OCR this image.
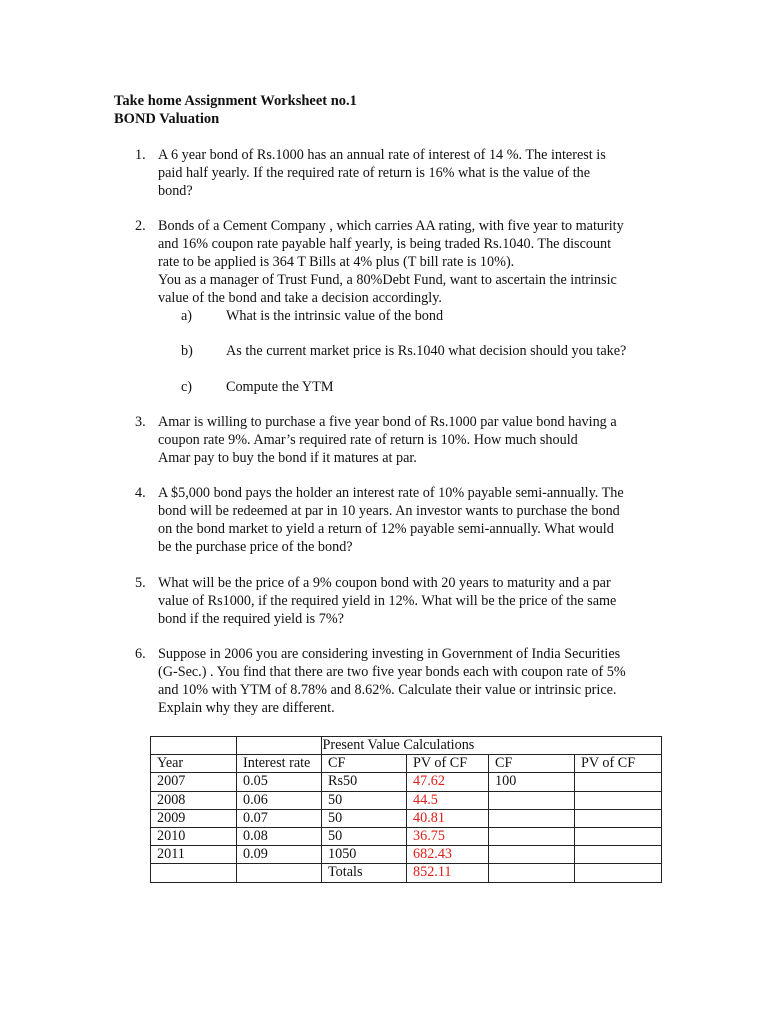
Take home Assignment Worksheet no.1
BOND Valuation
1. A 6 year bond of Rs.1000 has an annual rate of interest of 14 %. The interest is
paid half yearly. If the required rate of return is 16% what is the value of the
bond?
2. Bonds of a Cement Company , which carries AA rating, with five year to maturity
and 16% coupon rate payable half yearly, is being traded Rs.1040. The discount
rate to be applied is 364 T Bills at 4% plus (T bill rate is 10%).
You as a manager of Trust Fund, a 80%Debt Fund, want to ascertain the intrinsic
value of the bond and take a decision accordingly.
a) What is the intrinsic value of the bond
b) As the current market price is Rs.1040 what decision should you take?
c) Compute the YTM
3. Amar is willing to purchase a five year bond of Rs.1000 par value bond having a
coupon rate 9%. Amar’s required rate of return is 10%. How much should
Amar pay to buy the bond if it matures at par.
4. A $5,000 bond pays the holder an interest rate of 10% payable semi-annually. The
bond will be redeemed at par in 10 years. An investor wants to purchase the bond
on the bond market to yield a return of 12% payable semi-annually. What would
be the purchase price of the bond?
5. What will be the price of a 9% coupon bond with 20 years to maturity and a par
value of Rs1000, if the required yield in 12%. What will be the price of the same
bond if the required yield is 7%?
6. Suppose in 2006 you are considering investing in Government of India Securities
(G-Sec.) . You find that there are two five year bonds each with coupon rate of 5%
and 10% with YTM of 8.78% and 8.62%. Calculate their value or intrinsic price.
Explain why they are different.
			Present Value Calculations		
Year	Interest rate	CF	PV of CF	CF	PV of CF
2007	0.05	Rs50	47.62	100	
2008	0.06	50	44.5		
2009	0.07	50	40.81		
2010	0.08	50	36.75		
2011	0.09	1050	682.43		
		Totals	852.11		
